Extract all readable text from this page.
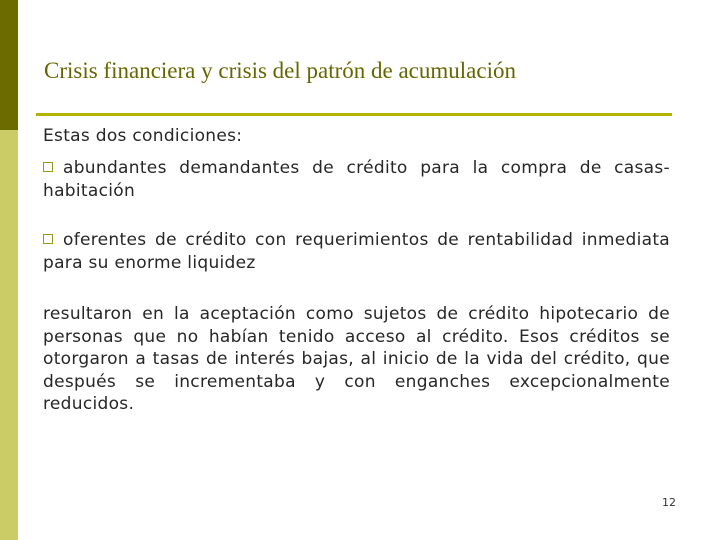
Crisis financiera y crisis del patrón de acumulación
Estas dos condiciones:
abundantes demandantes de crédito para la compra de casas-habitación
oferentes de crédito con requerimientos de rentabilidad inmediata para su enorme liquidez
resultaron en la aceptación como sujetos de crédito hipotecario de personas que no habían tenido acceso al crédito. Esos créditos se otorgaron a tasas de interés bajas, al inicio de la vida del crédito, que después se incrementaba y con enganches excepcionalmente reducidos.
12
